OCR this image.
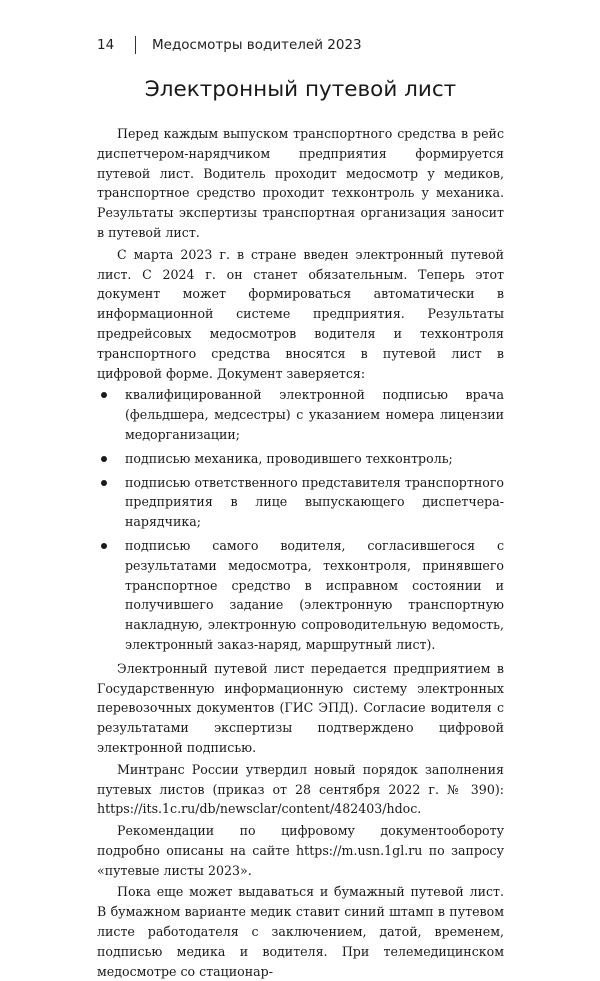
14	Медосмотры водителей 2023
Электронный путевой лист

Перед каждым выпуском транспортного средства в рейс диспетчером-нарядчиком предприятия формируется путевой лист. Водитель проходит медосмотр у медиков, транспортное средство проходит техконтроль у механика. Результаты экспертизы транспортная организация заносит в путевой лист.

С марта 2023 г. в стране введен электронный путевой лист. С 2024 г. он станет обязательным. Теперь этот документ может формироваться автоматически в информационной системе предприятия. Результаты предрейсовых медосмотров водителя и техконтроля транспортного средства вносятся в путевой лист в цифровой форме. Документ заверяется:

квалифицированной электронной подписью врача (фельдшера, медсестры) с указанием номера лицензии медорганизации;
подписью механика, проводившего техконтроль;
подписью ответственного представителя транспортного предприятия в лице выпускающего диспетчера-нарядчика;
подписью самого водителя, согласившегося с результатами медосмотра, техконтроля, принявшего транспортное средство в исправном состоянии и получившего задание (электронную транспортную накладную, электронную сопроводительную ведомость, электронный заказ-наряд, маршрутный лист).

Электронный путевой лист передается предприятием в Государственную информационную систему электронных перевозочных документов (ГИС ЭПД). Согласие водителя с результатами экспертизы подтверждено цифровой электронной подписью.

Минтранс России утвердил новый порядок заполнения путевых листов (приказ от 28 сентября 2022 г. № 390): https://its.1c.ru/db/newsclar/content/482403/hdoc.

Рекомендации по цифровому документообороту подробно описаны на сайте https://m.usn.1gl.ru по запросу «путевые листы 2023».

Пока еще может выдаваться и бумажный путевой лист. В бумажном варианте медик ставит синий штамп в путевом листе работодателя с заключением, датой, временем, подписью медика и водителя. При телемедицинском медосмотре со стационар-
